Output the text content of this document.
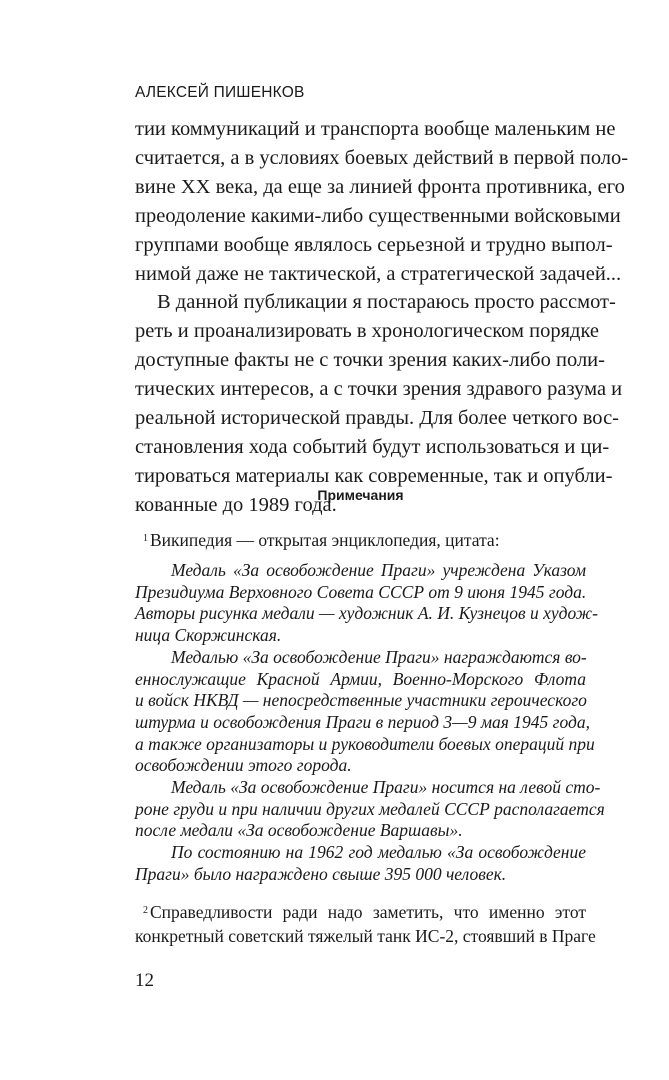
АЛЕКСЕЙ ПИШЕНКОВ
тии коммуникаций и транспорта вообще маленьким не
считается, а в условиях боевых действий в первой поло-
вине XX века, да еще за линией фронта противника, его
преодоление какими-либо существенными войсковыми
группами вообще являлось серьезной и трудно выпол-
нимой даже не тактической, а стратегической задачей...
В данной публикации я постараюсь просто рассмот-
реть и проанализировать в хронологическом порядке
доступные факты не с точки зрения каких-либо поли-
тических интересов, а с точки зрения здравого разума и
реальной исторической правды. Для более четкого вос-
становления хода событий будут использоваться и ци-
тироваться материалы как современные, так и опубли-
кованные до 1989 года.
Примечания
$^1$ Википедия — открытая энциклопедия, цитата:
Медаль «За освобождение Праги» учреждена Указом
Президиума Верховного Совета СССР от 9 июня 1945 года.
Авторы рисунка медали — художник А. И. Кузнецов и худож-
ница Скоржинская.
Медалью «За освобождение Праги» награждаются во-
еннослужащие Красной Армии, Военно-Морского Флота
и войск НКВД — непосредственные участники героического
штурма и освобождения Праги в период 3—9 мая 1945 года,
а также организаторы и руководители боевых операций при
освобождении этого города.
Медаль «За освобождение Праги» носится на левой сто-
роне груди и при наличии других медалей СССР располагается
после медали «За освобождение Варшавы».
По состоянию на 1962 год медалью «За освобождение
Праги» было награждено свыше 395 000 человек.
$^2$ Справедливости ради надо заметить, что именно этот
конкретный советский тяжелый танк ИС-2, стоявший в Праге
12
